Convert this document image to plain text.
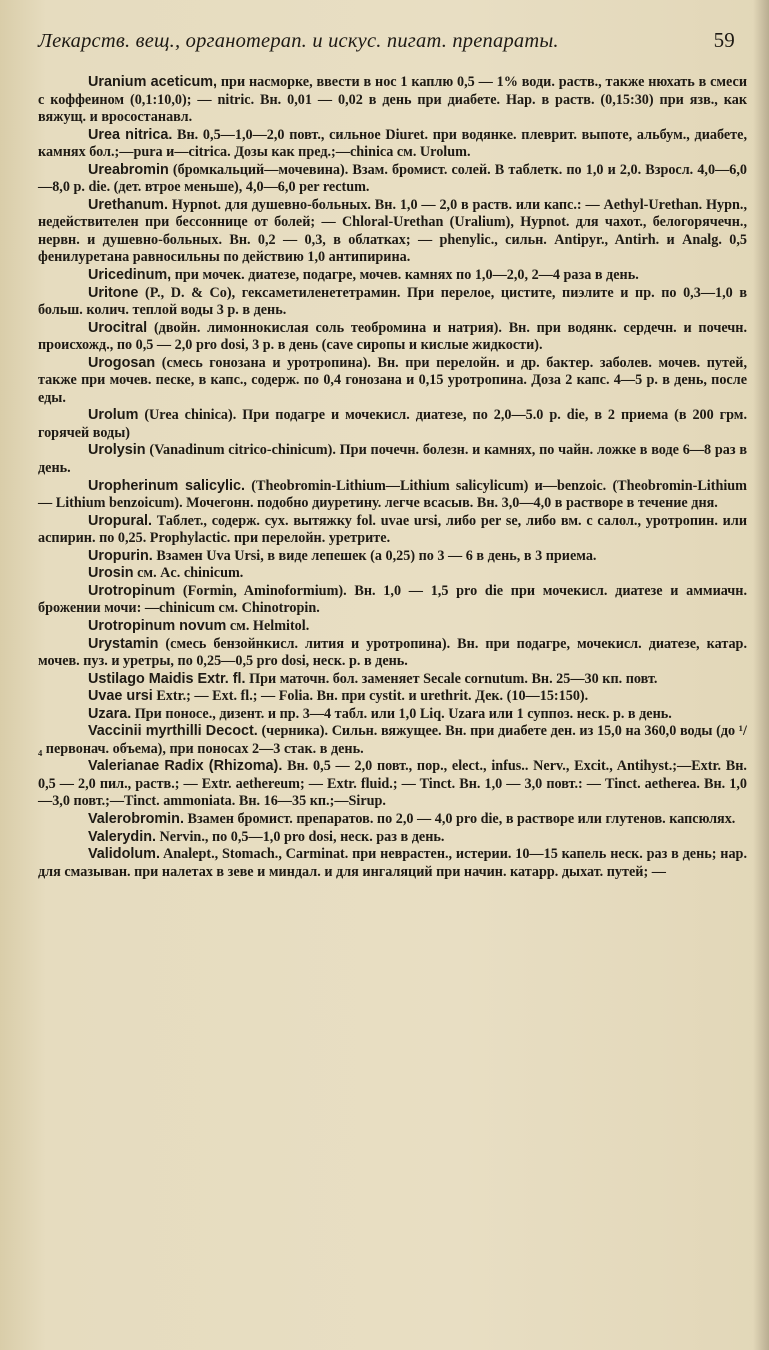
Лекарств. вещ., органотерап. и искус. пигат. препараты.	59

Uranium aceticum, при насморке, ввести в нос 1 каплю 0,5 — 1% води. раств., также нюхать в смеси с коффеином (0,1:10,0); — nitric. Вн. 0,01 — 0,02 в день при диабете. Нар. в раств. (0,15:30) при язв., как вяжущ. и вросостанавл.

Urea nitrica. Вн. 0,5—1,0—2,0 повт., сильное Diuret. при водянке. плеврит. выпоте, альбум., диабете, камнях бол.;—pura и—citrica. Дозы как пред.;—chinica см. Urolum.

Ureabromin (бромкальций—мочевина). Взам. бромист. солей. В таблетк. по 1,0 и 2,0. Взросл. 4,0—6,0—8,0 р. die. (дет. втрое меньше), 4,0—6,0 per rectum.

Urethanum. Hypnot. для душевно-больных. Вн. 1,0 — 2,0 в раств. или капс.: — Aethyl-Urethan. Hypn., недействителен при бессоннице от болей; — Chloral-Urethan (Uralium), Hypnot. для чахот., белогорячечн., нервн. и душевно-больных. Вн. 0,2 — 0,3, в облатках; — phenylic., сильн. Antipyr., Antirh. и Analg. 0,5 фенилуретана равносильны по действию 1,0 антипирина.

Uricedinum, при мочек. диатезе, подагре, мочев. камнях по 1,0—2,0, 2—4 раза в день.

Uritone (P., D. & Co), гексаметиленететрамин. При перелое, цистите, пиэлите и пр. по 0,3—1,0 в больш. колич. теплой воды 3 р. в день.

Urocitral (двойн. лимоннокислая соль теобромина и натрия). Вн. при водянк. сердечн. и почечн. происхожд., по 0,5 — 2,0 pro dosi, 3 р. в день (cave сиропы и кислые жидкости).

Urogosan (смесь гонозана и уротропина). Вн. при перелойн. и др. бактер. заболев. мочев. путей, также при мочев. песке, в капс., содерж. по 0,4 гонозана и 0,15 уротропина. Доза 2 капс. 4—5 р. в день, после еды.

Urolum (Urea chinica). При подагре и мочекисл. диатезе, по 2,0—5.0 р. die, в 2 приема (в 200 грм. горячей воды)

Urolysin (Vanadinum citrico-chinicum). При почечн. болезн. и камнях, по чайн. ложке в воде 6—8 раз в день.

Uropherinum salicylic. (Theobromin-Lithium—Lithium salicylicum) и—benzoic. (Theobromin-Lithium — Lithium benzoicum). Мочегонн. подобно диуретину. легче всасыв. Вн. 3,0—4,0 в растворе в течение дня.

Uropural. Таблет., содерж. сух. вытяжку fol. uvae ursi, либо per se, либо вм. с салол., уротропин. или аспирин. по 0,25. Prophylactic. при перелойн. уретрите.

Uropurin. Взамен Uva Ursi, в виде лепешек (а 0,25) по 3 — 6 в день, в 3 приема.

Urosin см. Ac. chinicum.

Urotropinum (Formin, Aminoformium). Вн. 1,0 — 1,5 pro die при мочекисл. диатезе и аммиачн. брожении мочи: —chinicum см. Chinotropin.

Urotropinum novum см. Helmitol.

Urystamin (смесь бензойнкисл. лития и уротропина). Вн. при подагре, мочекисл. диатезе, катар. мочев. пуз. и уретры, по 0,25—0,5 pro dosi, неск. р. в день.

Ustilago Maidis Extr. fl. При маточн. бол. заменяет Secale cornutum. Вн. 25—30 кп. повт.

Uvae ursi Extr.; — Ext. fl.; — Folia. Вн. при cystit. и urethrit. Дек. (10—15:150).

Uzara. При поносе., дизент. и пр. 3—4 табл. или 1,0 Liq. Uzara или 1 суппоз. неск. р. в день.

Vaccinii myrthilli Decoct. (черника). Сильн. вяжущее. Вн. при диабете ден. из 15,0 на 360,0 воды (до ¹/₄ первонач. объема), при поносах 2—3 стак. в день.

Valerianae Radix (Rhizoma). Вн. 0,5 — 2,0 повт., пор., elect., infus.. Nerv., Excit., Antihyst.;—Extr. Вн. 0,5 — 2,0 пил., раств.; — Extr. aethereum; — Extr. fluid.; — Tinct. Вн. 1,0 — 3,0 повт.: — Tinct. aetherea. Вн. 1,0—3,0 повт.;—Tinct. ammoniata. Вн. 16—35 кп.;—Sirup.

Valerobromin. Взамен бромист. препаратов. по 2,0 — 4,0 pro die, в растворе или глутенов. капсюлях.

Valerydin. Nervin., по 0,5—1,0 pro dosi, неск. раз в день.

Validolum. Analept., Stomach., Carminat. при неврастен., истерии. 10—15 капель неск. раз в день; нар. для смазыван. при налетах в зеве и миндал. и для ингаляций при начин. катарр. дыхат. путей; —
